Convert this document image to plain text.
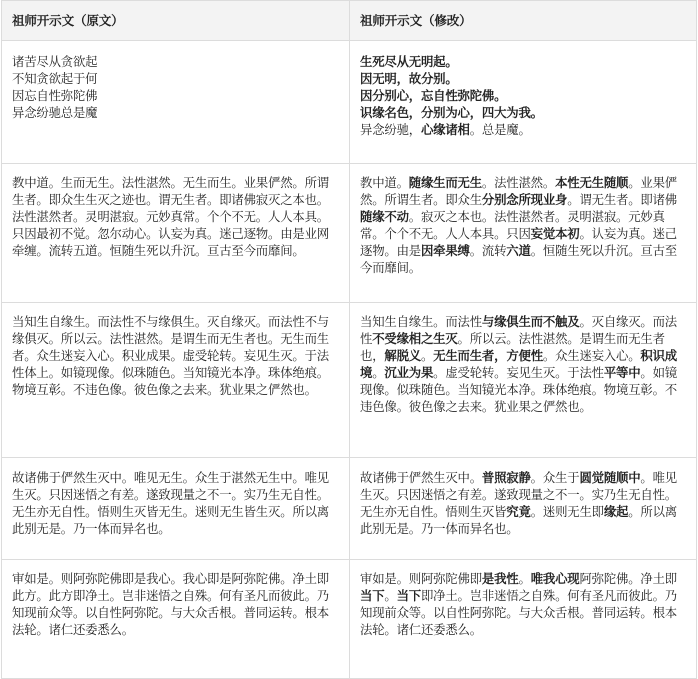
祖师开示文（原文）	祖师开示文（修改）
诸苦尽从贪欲起
不知贪欲起于何
因忘自性弥陀佛
异念纷驰总是魔
生死尽从无明起。
因无明，故分别。
因分别心，忘自性弥陀佛。
识缘名色，分别为心，四大为我。
异念纷驰，心缘诸相。总是魔。
教中道。生而无生。法性湛然。无生而生。业果俨然。所谓生者。即众生生灭之迹也。谓无生者。即诸佛寂灭之本也。法性湛然者。灵明湛寂。元妙真常。个个不无。人人本具。只因最初不觉。忽尔动心。认妄为真。迷己逐物。由是业网牵缠。流转五道。恒随生死以升沉。亘古至今而靡间。
教中道。随缘生而无生。法性湛然。本性无生随顺。业果俨然。所谓生者。即众生分别念所现业身。谓无生者。即诸佛随缘不动。寂灭之本也。法性湛然者。灵明湛寂。元妙真常。个个不无。人人本具。只因妄觉本初。认妄为真。迷己逐物。由是因牵果缚。流转六道。恒随生死以升沉。亘古至今而靡间。
当知生自缘生。而法性不与缘俱生。灭自缘灭。而法性不与缘俱灭。所以云。法性湛然。是谓生而无生者也。无生而生者。众生迷妄入心。积业成果。虚受轮转。妄见生灭。于法性体上。如镜现像。似珠随色。当知镜光本净。珠体绝痕。物境互彰。不违色像。彼色像之去来。犹业果之俨然也。
当知生自缘生。而法性与缘俱生而不触及。灭自缘灭。而法性不受缘相之生灭。所以云。法性湛然。是谓生而无生者也，解脱义。无生而生者，方便性。众生迷妄入心。积识成境。沉业为果。虚受轮转。妄见生灭。于法性平等中。如镜现像。似珠随色。当知镜光本净。珠体绝痕。物境互彰。不违色像。彼色像之去来。犹业果之俨然也。
故诸佛于俨然生灭中。唯见无生。众生于湛然无生中。唯见生灭。只因迷悟之有差。遂致现量之不一。实乃生无自性。无生亦无自性。悟则生灭皆无生。迷则无生皆生灭。所以离此别无是。乃一体而异名也。
故诸佛于俨然生灭中。普照寂静。众生于圆觉随顺中。唯见生灭。只因迷悟之有差。遂致现量之不一。实乃生无自性。无生亦无自性。悟则生灭皆究竟。迷则无生即缘起。所以离此别无是。乃一体而异名也。
审如是。则阿弥陀佛即是我心。我心即是阿弥陀佛。净土即此方。此方即净土。岂非迷悟之自殊。何有圣凡而彼此。乃知现前众等。以自性阿弥陀。与大众舌根。普同运转。根本法轮。诸仁还委悉么。
审如是。则阿弥陀佛即是我性。唯我心现阿弥陀佛。净土即当下。当下即净土。岂非迷悟之自殊。何有圣凡而彼此。乃知现前众等。以自性阿弥陀。与大众舌根。普同运转。根本法轮。诸仁还委悉么。
